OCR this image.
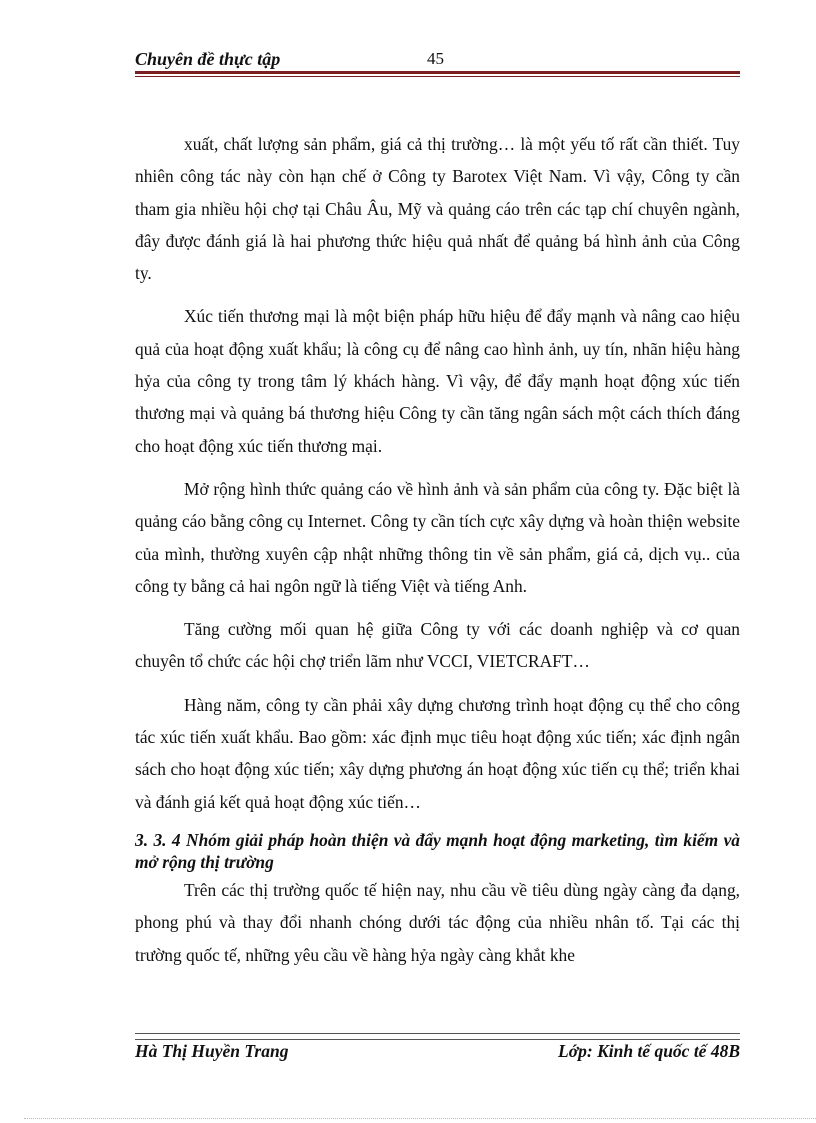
Chuyên đề thực tập	45

xuất, chất lượng sản phẩm, giá cả thị trường… là một yếu tố rất cần thiết. Tuy nhiên công tác này còn hạn chế ở Công ty Barotex Việt Nam. Vì vậy, Công ty cần tham gia nhiều hội chợ tại Châu Âu, Mỹ và quảng cáo trên các tạp chí chuyên ngành, đây được đánh giá là hai phương thức hiệu quả nhất để quảng bá hình ảnh của Công ty.

Xúc tiến thương mại là một biện pháp hữu hiệu để đẩy mạnh và nâng cao hiệu quả của hoạt động xuất khẩu; là công cụ để nâng cao hình ảnh, uy tín, nhãn hiệu hàng hỷa của công ty trong tâm lý khách hàng. Vì vậy, để đẩy mạnh hoạt động xúc tiến thương mại và quảng bá thương hiệu Công ty cần tăng ngân sách một cách thích đáng cho hoạt động xúc tiến thương mại.

Mở rộng hình thức quảng cáo về hình ảnh và sản phẩm của công ty. Đặc biệt là quảng cáo bằng công cụ Internet. Công ty cần tích cực xây dựng và hoàn thiện website của mình, thường xuyên cập nhật những thông tin về sản phẩm, giá cả, dịch vụ.. của công ty bằng cả hai ngôn ngữ là tiếng Việt và tiếng Anh.

Tăng cường mối quan hệ giữa Công ty với các doanh nghiệp và cơ quan chuyên tổ chức các hội chợ triển lãm như VCCI, VIETCRAFT…

Hàng năm, công ty cần phải xây dựng chương trình hoạt động cụ thể cho công tác xúc tiến xuất khẩu. Bao gồm: xác định mục tiêu hoạt động xúc tiến; xác định ngân sách cho hoạt động xúc tiến; xây dựng phương án hoạt động xúc tiến cụ thể; triển khai và đánh giá kết quả hoạt động xúc tiến…

3. 3. 4 Nhóm giải pháp hoàn thiện và đẩy mạnh hoạt động marketing, tìm kiếm và mở rộng thị trường

Trên các thị trường quốc tế hiện nay, nhu cầu về tiêu dùng ngày càng đa dạng, phong phú và thay đổi nhanh chóng dưới tác động của nhiều nhân tố. Tại các thị trường quốc tế, những yêu cầu về hàng hỷa ngày càng khắt khe

Hà Thị Huyền Trang	Lớp: Kinh tế quốc tế 48B
